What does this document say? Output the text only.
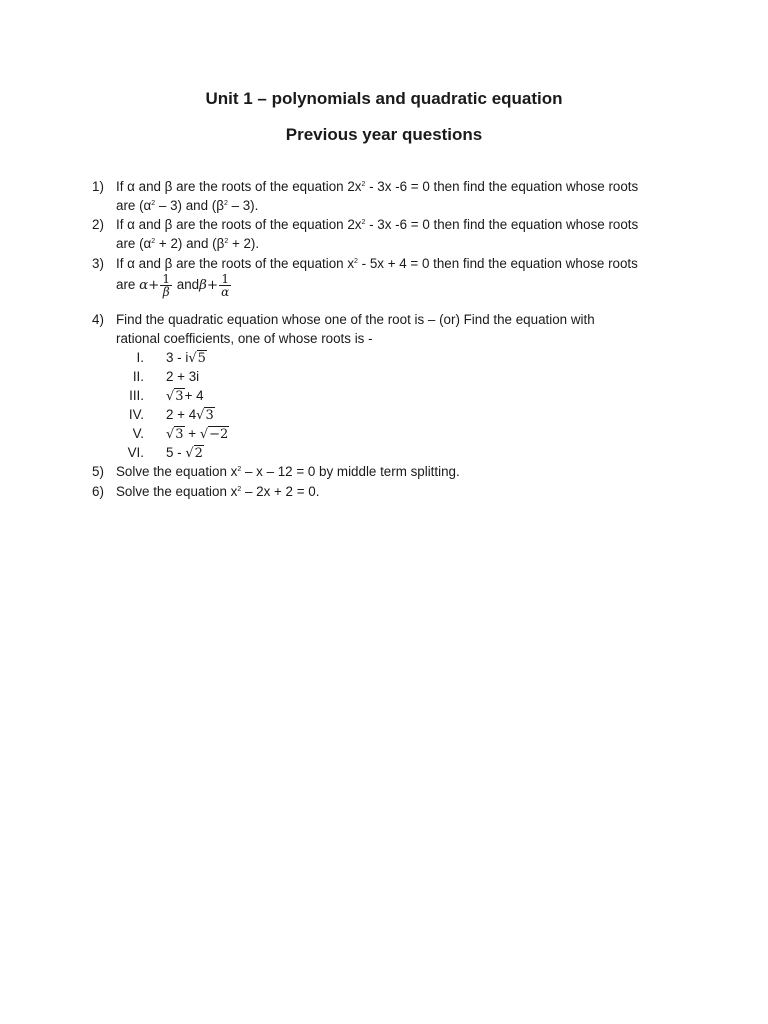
Unit 1 – polynomials and quadratic equation
Previous year questions
1) If α and β are the roots of the equation $2x^2 - 3x$ -6 = 0 then find the equation whose roots
are $(\alpha^2 - 3)$ and $(\beta^2 - 3)$.
2) If α and β are the roots of the equation $2x^2 - 3x$ -6 = 0 then find the equation whose roots
are $(\alpha^2 + 2)$ and $(\beta^2 + 2)$.
3) If α and β are the roots of the equation $x^2 - 5x + 4 = 0$ then find the equation whose roots
are $\alpha+ \frac{1}{\beta} and\beta+ \frac{1}{\alpha}$
4) Find the quadratic equation whose one of the root is – (or) Find the equation with
rational coefficients, one of whose roots is -
I. 3 - i√5
II. 2 + 3i
III. √3+ 4
IV. 2 + 4√3
V. √3 + √−2
VI. 5 - √2
5) Solve the equation $x^2 - x - 12 = 0$ by middle term splitting.
6) Solve the equation $x^2 - 2x + 2 = 0$.
